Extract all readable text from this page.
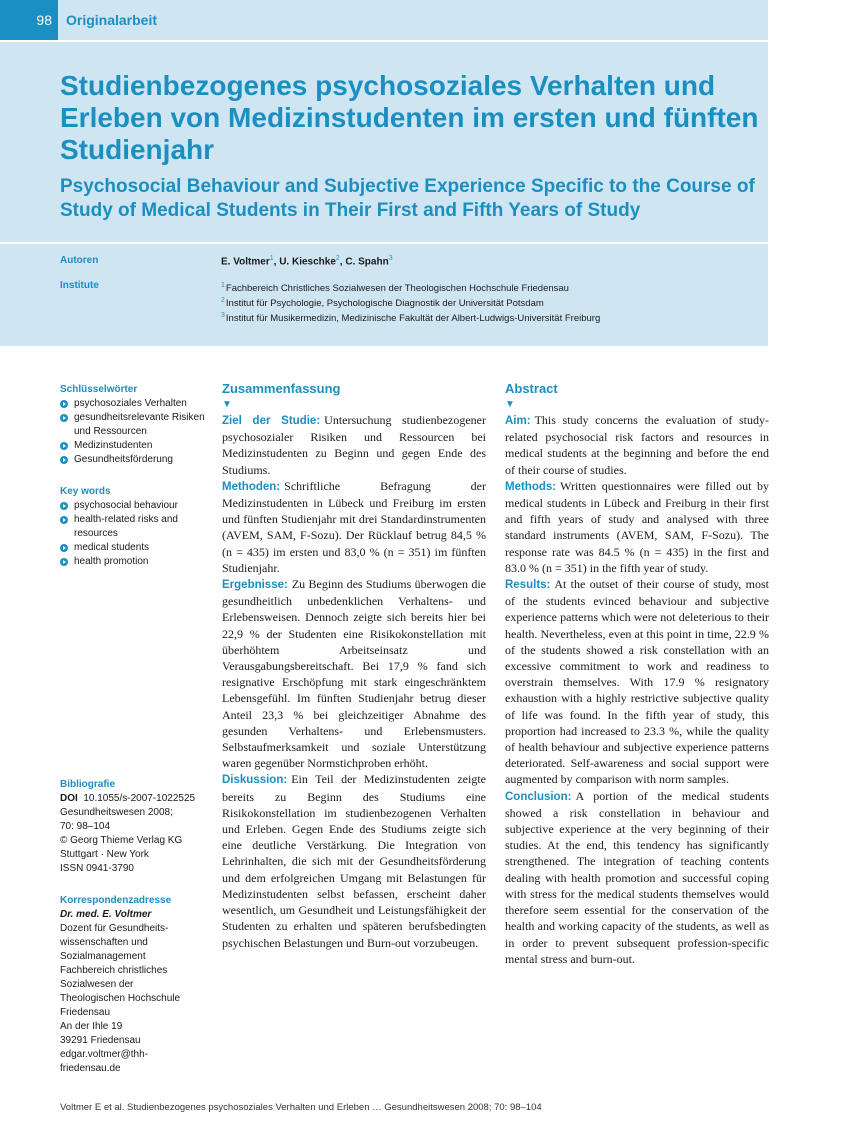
98	Originalarbeit
Studienbezogenes psychosoziales Verhalten und Erleben von Medizinstudenten im ersten und fünften Studienjahr
Psychosocial Behaviour and Subjective Experience Specific to the Course of Study of Medical Students in Their First and Fifth Years of Study
Autoren	E. Voltmer$^1$, U. Kieschke$^2$, C. Spahn$^3$
Institute	$^1$Fachbereich Christliches Sozialwesen der Theologischen Hochschule Friedensau
$^2$Institut für Psychologie, Psychologische Diagnostik der Universität Potsdam
$^3$Institut für Musikermedizin, Medizinische Fakultät der Albert-Ludwigs-Universität Freiburg
Schlüsselwörter
psychosoziales Verhalten
gesundheitsrelevante Risiken und Ressourcen
Medizinstudenten
Gesundheitsförderung
Key words
psychosocial behaviour
health-related risks and resources
medical students
health promotion
Bibliografie
DOI 10.1055/s-2007-1022525
Gesundheitswesen 2008;
70: 98–104
© Georg Thieme Verlag KG
Stuttgart · New York
ISSN 0941-3790
Korrespondenzadresse
Dr. med. E. Voltmer
Dozent für Gesundheits-
wissenschaften und
Sozialmanagement
Fachbereich christliches
Sozialwesen der
Theologischen Hochschule
Friedensau
An der Ihle 19
39291 Friedensau
edgar.voltmer@thh-
friedensau.de
Zusammenfassung
▼

Ziel der Studie: Untersuchung studienbezogener psychosozialer Risiken und Ressourcen bei Medizinstudenten zu Beginn und gegen Ende des Studiums.

Methoden: Schriftliche Befragung der Medizinstudenten in Lübeck und Freiburg im ersten und fünften Studienjahr mit drei Standardinstrumenten (AVEM, SAM, F-Sozu). Der Rücklauf betrug 84,5 % (n = 435) im ersten und 83,0 % (n = 351) im fünften Studienjahr.

Ergebnisse: Zu Beginn des Studiums überwogen die gesundheitlich unbedenklichen Verhaltens- und Erlebensweisen. Dennoch zeigte sich bereits hier bei 22,9 % der Studenten eine Risikokonstellation mit überhöhtem Arbeitseinsatz und Verausgabungsbereitschaft. Bei 17,9 % fand sich resignative Erschöpfung mit stark eingeschränktem Lebensgefühl. Im fünften Studienjahr betrug dieser Anteil 23,3 % bei gleichzeitiger Abnahme des gesunden Verhaltens- und Erlebensmusters. Selbstaufmerksamkeit und soziale Unterstützung waren gegenüber Normstichproben erhöht.

Diskussion: Ein Teil der Medizinstudenten zeigte bereits zu Beginn des Studiums eine Risikokonstellation im studienbezogenen Verhalten und Erleben. Gegen Ende des Studiums zeigte sich eine deutliche Verstärkung. Die Integration von Lehrinhalten, die sich mit der Gesundheitsförderung und dem erfolgreichen Umgang mit Belastungen für Medizinstudenten selbst befassen, erscheint daher wesentlich, um Gesundheit und Leistungsfähigkeit der Studenten zu erhalten und späteren berufsbedingten psychischen Belastungen und Burn-out vorzubeugen.

Abstract
▼

Aim: This study concerns the evaluation of study-related psychosocial risk factors and resources in medical students at the beginning and before the end of their course of studies.

Methods: Written questionnaires were filled out by medical students in Lübeck and Freiburg in their first and fifth years of study and analysed with three standard instruments (AVEM, SAM, F-Sozu). The response rate was 84.5 % (n = 435) in the first and 83.0 % (n = 351) in the fifth year of study.

Results: At the outset of their course of study, most of the students evinced behaviour and subjective experience patterns which were not deleterious to their health. Nevertheless, even at this point in time, 22.9 % of the students showed a risk constellation with an excessive commitment to work and readiness to overstrain themselves. With 17.9 % resignatory exhaustion with a highly restrictive subjective quality of life was found. In the fifth year of study, this proportion had increased to 23.3 %, while the quality of health behaviour and subjective experience patterns deteriorated. Self-awareness and social support were augmented by comparison with norm samples.

Conclusion: A portion of the medical students showed a risk constellation in behaviour and subjective experience at the very beginning of their studies. At the end, this tendency has significantly strengthened. The integration of teaching contents dealing with health promotion and successful coping with stress for the medical students themselves would therefore seem essential for the conservation of the health and working capacity of the students, as well as in order to prevent subsequent profession-specific mental stress and burn-out.

Voltmer E et al. Studienbezogenes psychosoziales Verhalten und Erleben … Gesundheitswesen 2008; 70: 98–104
